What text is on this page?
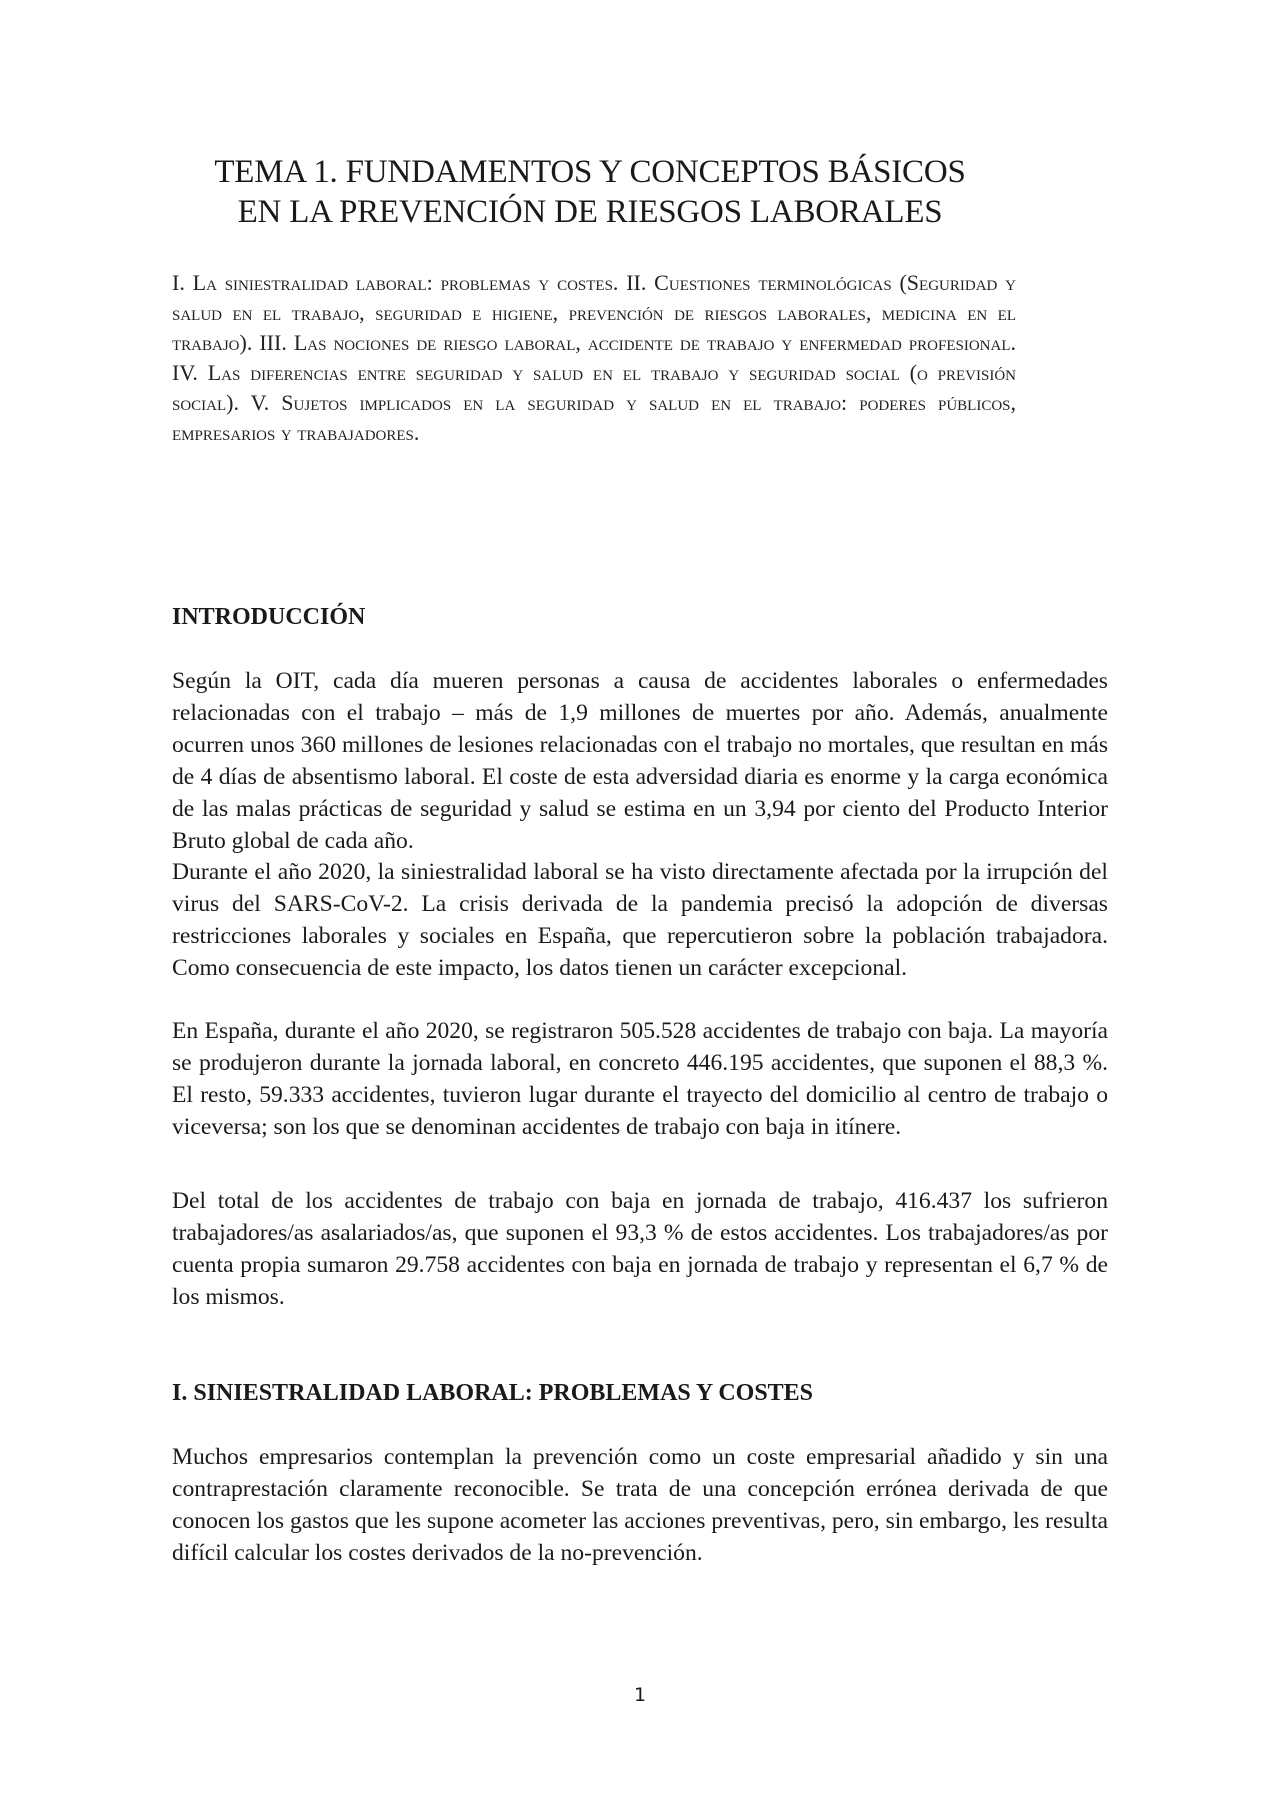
TEMA 1. FUNDAMENTOS Y CONCEPTOS BÁSICOS
EN LA PREVENCIÓN DE RIESGOS LABORALES

I. La siniestralidad laboral: problemas y costes. II. Cuestiones terminológicas (Seguridad y salud en el trabajo, seguridad e higiene, prevención de riesgos laborales, medicina en el trabajo). III. Las nociones de riesgo laboral, accidente de trabajo y enfermedad profesional. IV. Las diferencias entre seguridad y salud en el trabajo y seguridad social (o previsión social). V. Sujetos implicados en la seguridad y salud en el trabajo: poderes públicos, empresarios y trabajadores.

INTRODUCCIÓN

Según la OIT, cada día mueren personas a causa de accidentes laborales o enfermedades relacionadas con el trabajo – más de 1,9 millones de muertes por año. Además, anualmente ocurren unos 360 millones de lesiones relacionadas con el trabajo no mortales, que resultan en más de 4 días de absentismo laboral. El coste de esta adversidad diaria es enorme y la carga económica de las malas prácticas de seguridad y salud se estima en un 3,94 por ciento del Producto Interior Bruto global de cada año.

Durante el año 2020, la siniestralidad laboral se ha visto directamente afectada por la irrupción del virus del SARS-CoV-2. La crisis derivada de la pandemia precisó la adopción de diversas restricciones laborales y sociales en España, que repercutieron sobre la población trabajadora. Como consecuencia de este impacto, los datos tienen un carácter excepcional.

En España, durante el año 2020, se registraron 505.528 accidentes de trabajo con baja. La mayoría se produjeron durante la jornada laboral, en concreto 446.195 accidentes, que suponen el 88,3 %. El resto, 59.333 accidentes, tuvieron lugar durante el trayecto del domicilio al centro de trabajo o viceversa; son los que se denominan accidentes de trabajo con baja in itínere.

Del total de los accidentes de trabajo con baja en jornada de trabajo, 416.437 los sufrieron trabajadores/as asalariados/as, que suponen el 93,3 % de estos accidentes. Los trabajadores/as por cuenta propia sumaron 29.758 accidentes con baja en jornada de trabajo y representan el 6,7 % de los mismos.

I. SINIESTRALIDAD LABORAL: PROBLEMAS Y COSTES

Muchos empresarios contemplan la prevención como un coste empresarial añadido y sin una contraprestación claramente reconocible. Se trata de una concepción errónea derivada de que conocen los gastos que les supone acometer las acciones preventivas, pero, sin embargo, les resulta difícil calcular los costes derivados de la no-prevención.

1
